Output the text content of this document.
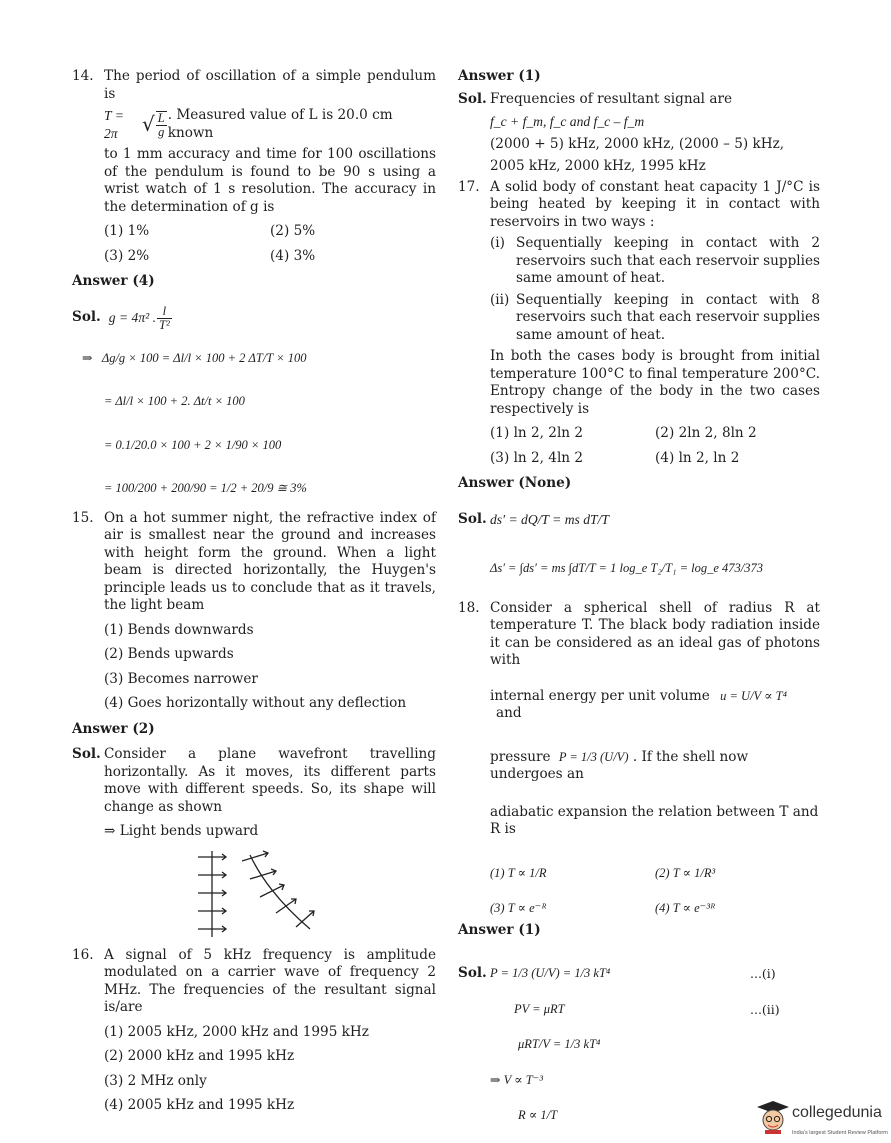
14. The period of oscillation of a simple pendulum is
T = 2π	√ $\frac{L}{g}$ . Measured value of L is 20.0 cm known
to 1 mm accuracy and time for 100 oscillations of the pendulum is found to be 90 s using a wrist watch of 1 s resolution. The accuracy in the determination of g is
(1) 1%	(2) 5%
(3) 2%	(4) 3%
Answer (4)
Sol. g = 4π² . $\frac{l}{\text{T²}}$
⇒   Δg/g × 100 = Δl/l × 100 + 2 ΔT/T × 100
= Δl/l × 100 + 2. Δt/t × 100
= 0.1/20.0 × 100 + 2 × 1/90 × 100
= 100/200 + 200/90 = 1/2 + 20/9 ≅ 3%
15. On a hot summer night, the refractive index of air is smallest near the ground and increases with height form the ground. When a light beam is directed horizontally, the Huygen's principle leads us to conclude that as it travels, the light beam
(1) Bends downwards
(2) Bends upwards
(3) Becomes narrower
(4) Goes horizontally without any deflection
Answer (2)
Sol. Consider a plane wavefront travelling horizontally. As it moves, its different parts move with different speeds. So, its shape will change as shown
⇒ Light bends upward
16. A signal of 5 kHz frequency is amplitude modulated on a carrier wave of frequency 2 MHz. The frequencies of the resultant signal is/are
(1) 2005 kHz, 2000 kHz and 1995 kHz
(2) 2000 kHz and 1995 kHz
(3) 2 MHz only
(4) 2005 kHz and 1995 kHz
Answer (1)
Sol. Frequencies of resultant signal are
f_c + f_m, f_c and f_c – f_m
(2000 + 5) kHz, 2000 kHz, (2000 – 5) kHz,
2005 kHz, 2000 kHz, 1995 kHz
17. A solid body of constant heat capacity 1 J/°C is being heated by keeping it in contact with reservoirs in two ways :
(i) Sequentially keeping in contact with 2 reservoirs such that each reservoir supplies same amount of heat.
(ii) Sequentially keeping in contact with 8 reservoirs such that each reservoir supplies same amount of heat.
In both the cases body is brought from initial temperature 100°C to final temperature 200°C. Entropy change of the body in the two cases respectively is
(1) ln 2, 2ln 2	(2) 2ln 2, 8ln 2
(3) ln 2, 4ln 2	(4) ln 2, ln 2
Answer (None)
Sol. ds′ = dQ/T = ms dT/T
Δs′ = ∫ds′ = ms ∫dT/T = 1 log_e T₂/T₁ = log_e 473/373
18. Consider a spherical shell of radius R at temperature T. The black body radiation inside it can be considered as an ideal gas of photons with
internal energy per unit volume u = U/V ∝ T⁴ and
pressure P = 1/3 (U/V) . If the shell now undergoes an
adiabatic expansion the relation between T and R is
(1) T ∝ 1/R	(2) T ∝ 1/R³
(3) T ∝ e⁻ᴿ	(4) T ∝ e⁻³ᴿ
Answer (1)
Sol. P = 1/3 (U/V) = 1/3 kT⁴	...(i)
PV = μRT	...(ii)
μRT/V = 1/3 kT⁴
⇒ V ∝ T⁻³
R ∝ 1/T	collegedunia
India's largest Student Review Platform
